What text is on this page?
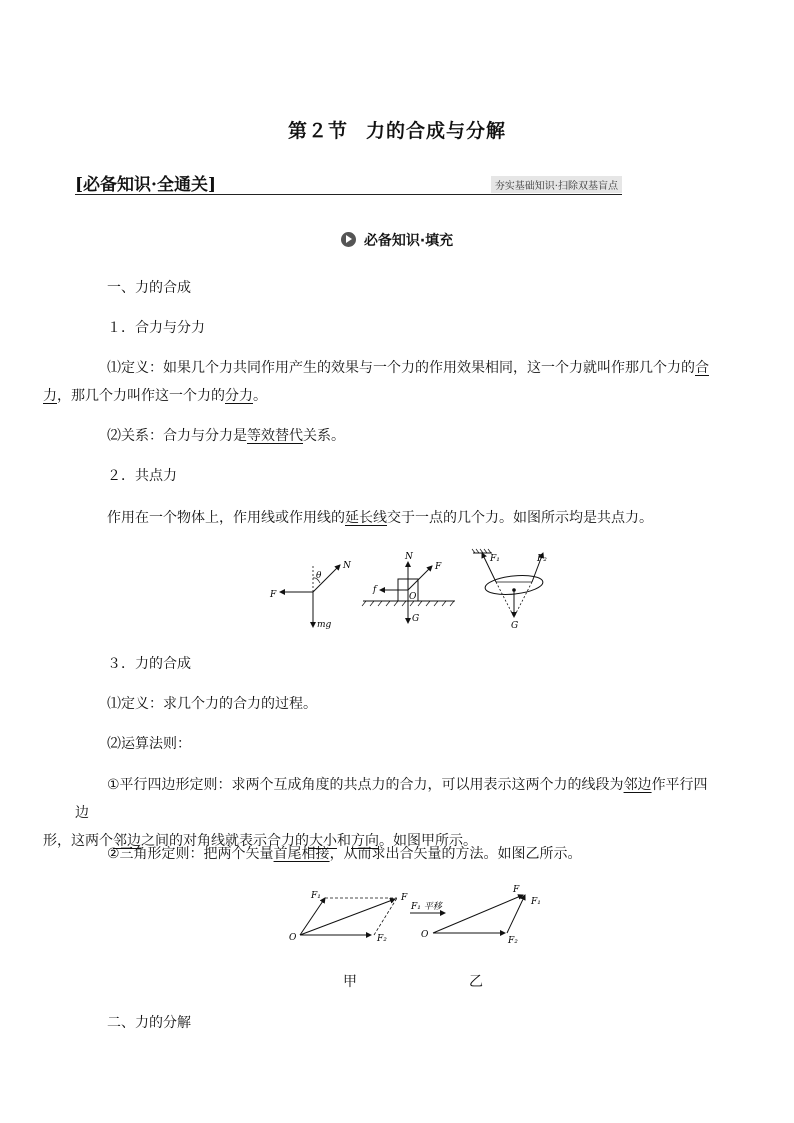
第２节 力的合成与分解
[必备知识·全通关]	夯实基础知识·扫除双基盲点
必备知识·填充
一、力的合成
１．合力与分力
⑴定义：如果几个力共同作用产生的效果与一个力的作用效果相同，这一个力就叫作那几个力的合
力，那几个力叫作这一个力的分力。
⑵关系：合力与分力是等效替代关系。
２．共点力
作用在一个物体上，作用线或作用线的延长线交于一点的几个力。如图所示均是共点力。
N
F
mg
θ
N
F
f
O
G
F₁	F₂
G
３．力的合成
⑴定义：求几个力的合力的过程。
⑵运算法则：
①平行四边形定则：求两个互成角度的共点力的合力，可以用表示这两个力的线段为邻边作平行四边
形，这两个邻边之间的对角线就表示合力的大小和方向。如图甲所示。
②三角形定则：把两个矢量首尾相接，从而求出合矢量的方法。如图乙所示。
F₁	F
F₂
O
F₁ 平移
F
F₁
F₂
O
甲	乙
二、力的分解
